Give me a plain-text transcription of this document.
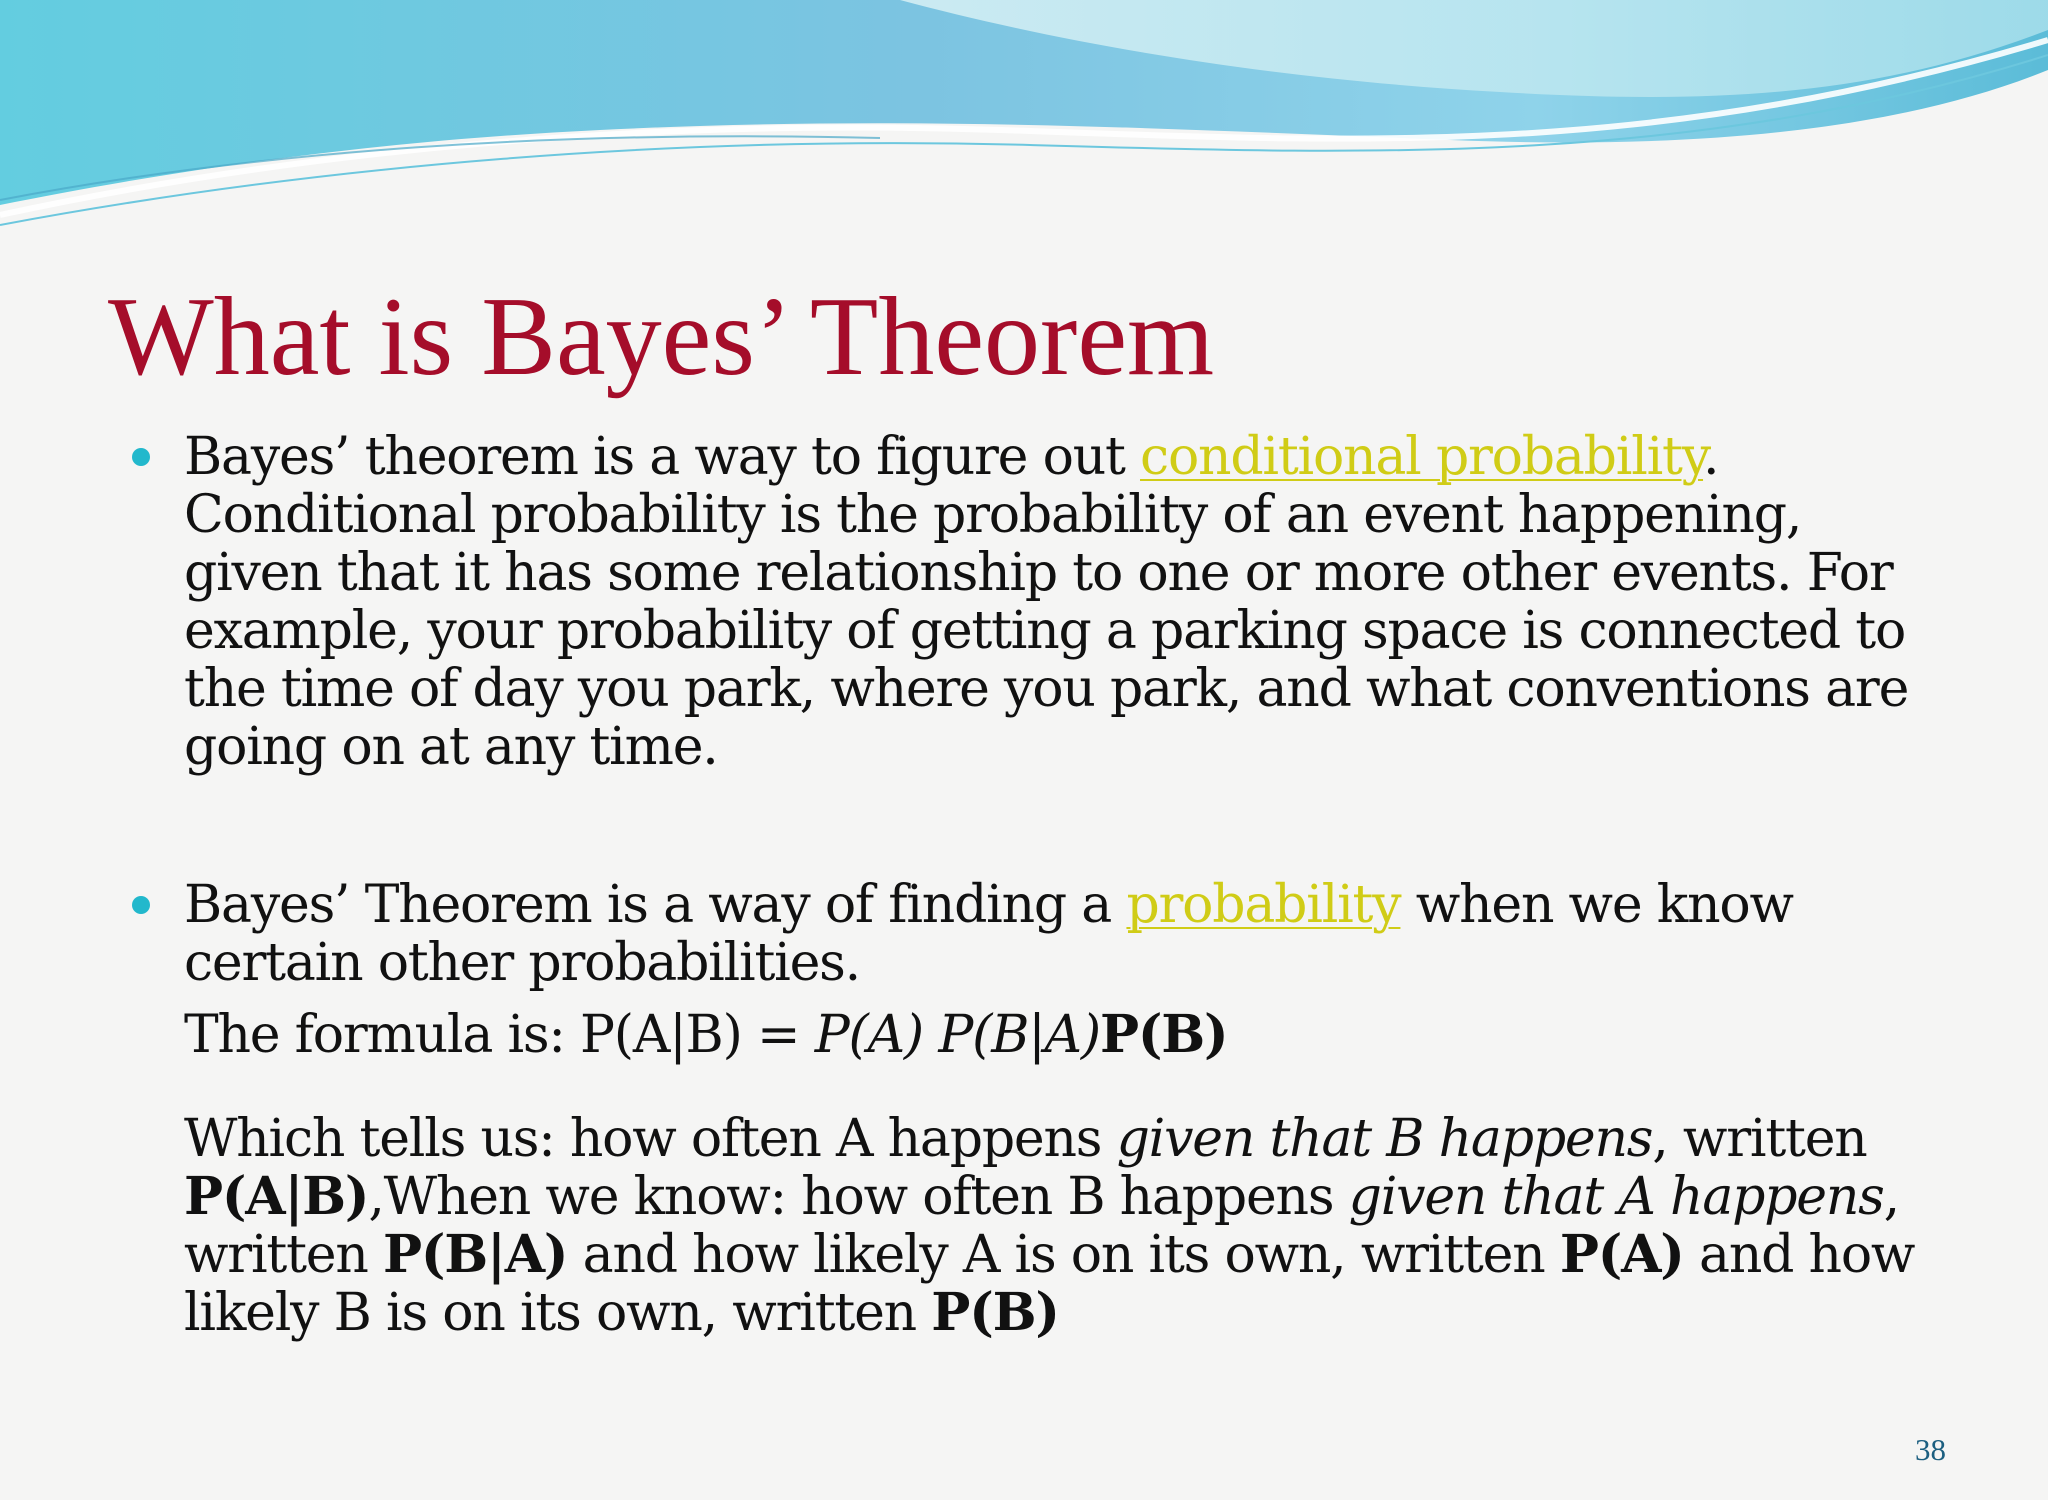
What is Bayes’ Theorem

Bayes’ theorem is a way to figure out conditional probability. Conditional probability is the probability of an event happening, given that it has some relationship to one or more other events. For example, your probability of getting a parking space is connected to the time of day you park, where you park, and what conventions are going on at any time.

Bayes’ Theorem is a way of finding a probability when we know certain other probabilities.

The formula is: P(A|B) = P(A) P(B|A)P(B)
Which tells us: how often A happens given that B happens, written P(A|B),When we know: how often B happens given that A happens, written P(B|A) and how likely A is on its own, written P(A) and how likely B is on its own, written P(B)
38
